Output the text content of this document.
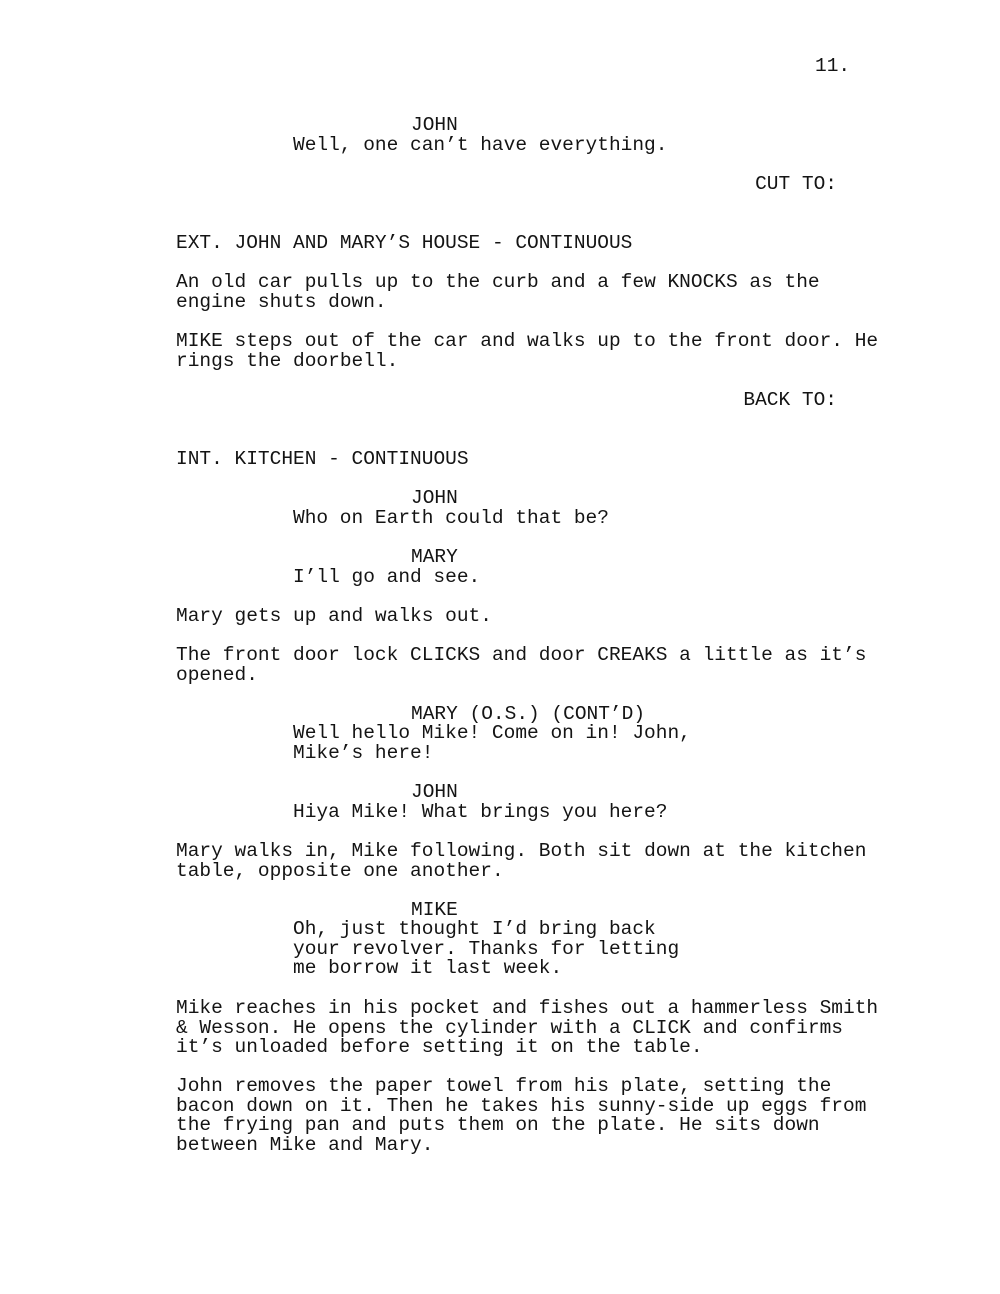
11.
JOHN
Well, one can’t have everything.
CUT TO:
EXT. JOHN AND MARY’S HOUSE - CONTINUOUS
An old car pulls up to the curb and a few KNOCKS as the
engine shuts down.
MIKE steps out of the car and walks up to the front door. He
rings the doorbell.
BACK TO:
INT. KITCHEN - CONTINUOUS
JOHN
Who on Earth could that be?
MARY
I’ll go and see.
Mary gets up and walks out.
The front door lock CLICKS and door CREAKS a little as it’s
opened.
MARY (O.S.) (CONT’D)
Well hello Mike! Come on in! John,
Mike’s here!
JOHN
Hiya Mike! What brings you here?
Mary walks in, Mike following. Both sit down at the kitchen
table, opposite one another.
MIKE
Oh, just thought I’d bring back
your revolver. Thanks for letting
me borrow it last week.
Mike reaches in his pocket and fishes out a hammerless Smith
& Wesson. He opens the cylinder with a CLICK and confirms
it’s unloaded before setting it on the table.
John removes the paper towel from his plate, setting the
bacon down on it. Then he takes his sunny-side up eggs from
the frying pan and puts them on the plate. He sits down
between Mike and Mary.
